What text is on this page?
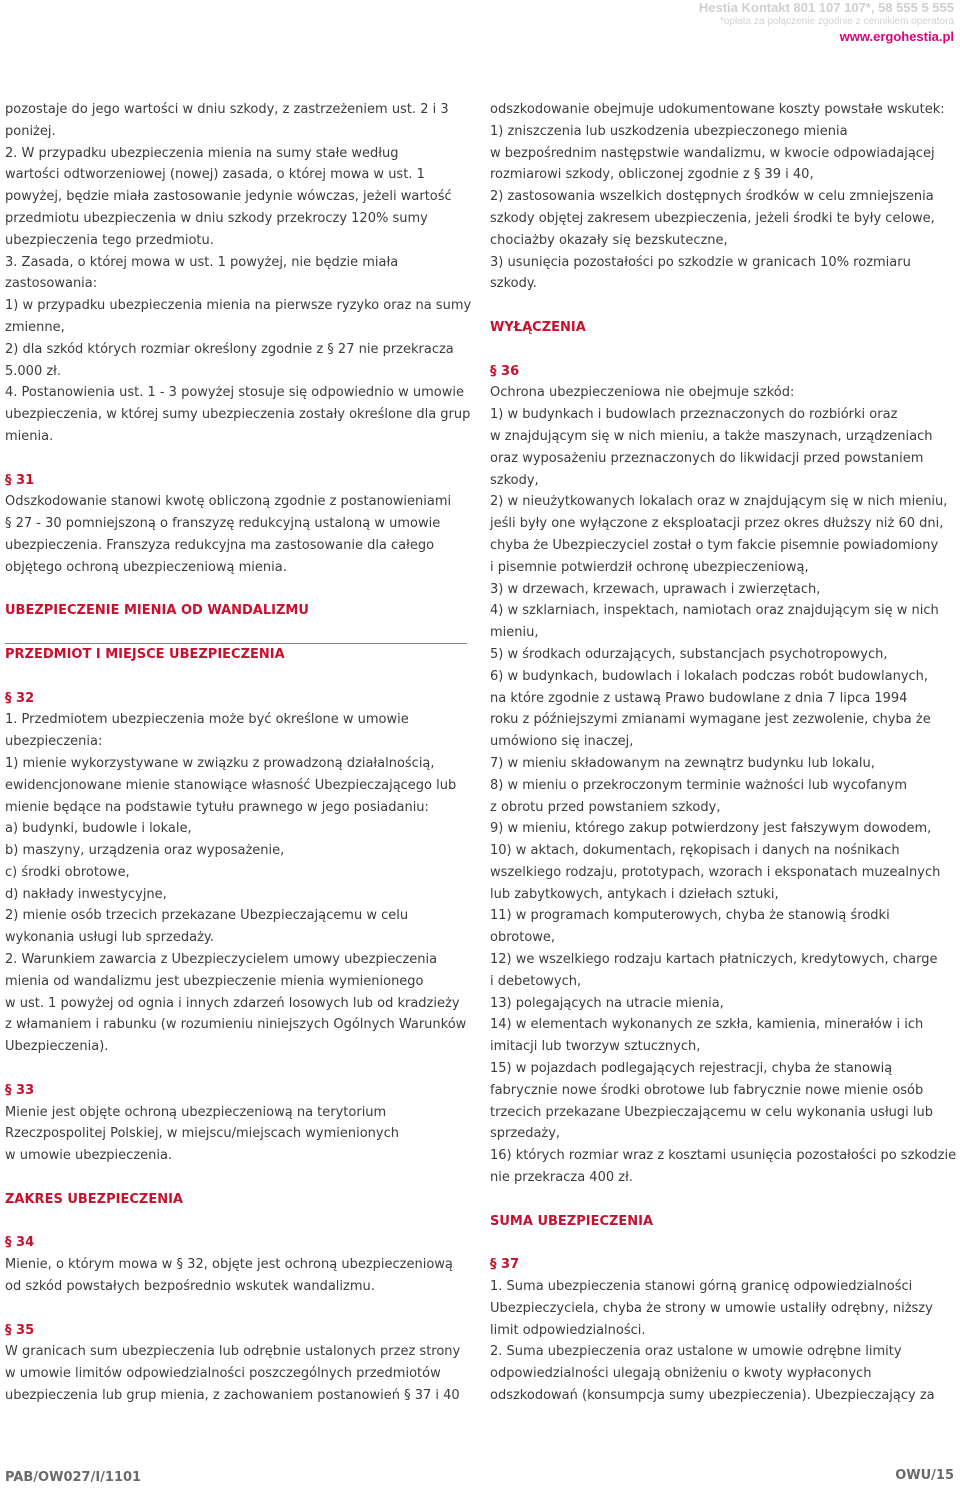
Hestia Kontakt 801 107 107*, 58 555 5 555
*opłata za połączenie zgodnie z cennikiem operatora
www.ergohestia.pl

pozostaje do jego wartości w dniu szkody, z zastrzeżeniem ust. 2 i 3

poniżej.

2. W przypadku ubezpieczenia mienia na sumy stałe według

wartości odtworzeniowej (nowej) zasada, o której mowa w ust. 1

powyżej, będzie miała zastosowanie jedynie wówczas, jeżeli wartość

przedmiotu ubezpieczenia w dniu szkody przekroczy 120% sumy

ubezpieczenia tego przedmiotu.

3. Zasada, o której mowa w ust. 1 powyżej, nie będzie miała

zastosowania:

1) w przypadku ubezpieczenia mienia na pierwsze ryzyko oraz na sumy

zmienne,

2) dla szkód których rozmiar określony zgodnie z § 27 nie przekracza

5.000 zł.

4. Postanowienia ust. 1 - 3 powyżej stosuje się odpowiednio w umowie

ubezpieczenia, w której sumy ubezpieczenia zostały określone dla grup

mienia.

§ 31

Odszkodowanie stanowi kwotę obliczoną zgodnie z postanowieniami

§ 27 - 30 pomniejszoną o franszyzę redukcyjną ustaloną w umowie

ubezpieczenia. Franszyza redukcyjna ma zastosowanie dla całego

objętego ochroną ubezpieczeniową mienia.

UBEZPIECZENIE MIENIA OD WANDALIZMU

PRZEDMIOT I MIEJSCE UBEZPIECZENIA

§ 32

1. Przedmiotem ubezpieczenia może być określone w umowie

ubezpieczenia:

1) mienie wykorzystywane w związku z prowadzoną działalnością,

ewidencjonowane mienie stanowiące własność Ubezpieczającego lub

mienie będące na podstawie tytułu prawnego w jego posiadaniu:

a) budynki, budowle i lokale,

b) maszyny, urządzenia oraz wyposażenie,

c) środki obrotowe,

d) nakłady inwestycyjne,

2) mienie osób trzecich przekazane Ubezpieczającemu w celu

wykonania usługi lub sprzedaży.

2. Warunkiem zawarcia z Ubezpieczycielem umowy ubezpieczenia

mienia od wandalizmu jest ubezpieczenie mienia wymienionego

w ust. 1 powyżej od ognia i innych zdarzeń losowych lub od kradzieży

z włamaniem i rabunku (w rozumieniu niniejszych Ogólnych Warunków

Ubezpieczenia).

§ 33

Mienie jest objęte ochroną ubezpieczeniową na terytorium

Rzeczpospolitej Polskiej, w miejscu/miejscach wymienionych

w umowie ubezpieczenia.

ZAKRES UBEZPIECZENIA

§ 34

Mienie, o którym mowa w § 32, objęte jest ochroną ubezpieczeniową

od szkód powstałych bezpośrednio wskutek wandalizmu.

§ 35

W granicach sum ubezpieczenia lub odrębnie ustalonych przez strony

w umowie limitów odpowiedzialności poszczególnych przedmiotów

ubezpieczenia lub grup mienia, z zachowaniem postanowień § 37 i 40

odszkodowanie obejmuje udokumentowane koszty powstałe wskutek:

1) zniszczenia lub uszkodzenia ubezpieczonego mienia

w bezpośrednim następstwie wandalizmu, w kwocie odpowiadającej

rozmiarowi szkody, obliczonej zgodnie z § 39 i 40,

2) zastosowania wszelkich dostępnych środków w celu zmniejszenia

szkody objętej zakresem ubezpieczenia, jeżeli środki te były celowe,

chociażby okazały się bezskuteczne,

3) usunięcia pozostałości po szkodzie w granicach 10% rozmiaru

szkody.

WYŁĄCZENIA

§ 36

Ochrona ubezpieczeniowa nie obejmuje szkód:

1) w budynkach i budowlach przeznaczonych do rozbiórki oraz

w znajdującym się w nich mieniu, a także maszynach, urządzeniach

oraz wyposażeniu przeznaczonych do likwidacji przed powstaniem

szkody,

2) w nieużytkowanych lokalach oraz w znajdującym się w nich mieniu,

jeśli były one wyłączone z eksploatacji przez okres dłuższy niż 60 dni,

chyba że Ubezpieczyciel został o tym fakcie pisemnie powiadomiony

i pisemnie potwierdził ochronę ubezpieczeniową,

3) w drzewach, krzewach, uprawach i zwierzętach,

4) w szklarniach, inspektach, namiotach oraz znajdującym się w nich

mieniu,

5) w środkach odurzających, substancjach psychotropowych,

6) w budynkach, budowlach i lokalach podczas robót budowlanych,

na które zgodnie z ustawą Prawo budowlane z dnia 7 lipca 1994

roku z późniejszymi zmianami wymagane jest zezwolenie, chyba że

umówiono się inaczej,

7) w mieniu składowanym na zewnątrz budynku lub lokalu,

8) w mieniu o przekroczonym terminie ważności lub wycofanym

z obrotu przed powstaniem szkody,

9) w mieniu, którego zakup potwierdzony jest fałszywym dowodem,

10) w aktach, dokumentach, rękopisach i danych na nośnikach

wszelkiego rodzaju, prototypach, wzorach i eksponatach muzealnych

lub zabytkowych, antykach i dziełach sztuki,

11) w programach komputerowych, chyba że stanowią środki

obrotowe,

12) we wszelkiego rodzaju kartach płatniczych, kredytowych, charge

i debetowych,

13) polegających na utracie mienia,

14) w elementach wykonanych ze szkła, kamienia, minerałów i ich

imitacji lub tworzyw sztucznych,

15) w pojazdach podlegających rejestracji, chyba że stanowią

fabrycznie nowe środki obrotowe lub fabrycznie nowe mienie osób

trzecich przekazane Ubezpieczającemu w celu wykonania usługi lub

sprzedaży,

16) których rozmiar wraz z kosztami usunięcia pozostałości po szkodzie

nie przekracza 400 zł.

SUMA UBEZPIECZENIA

§ 37

1. Suma ubezpieczenia stanowi górną granicę odpowiedzialności

Ubezpieczyciela, chyba że strony w umowie ustaliły odrębny, niższy

limit odpowiedzialności.

2. Suma ubezpieczenia oraz ustalone w umowie odrębne limity

odpowiedzialności ulegają obniżeniu o kwoty wypłaconych

odszkodowań (konsumpcja sumy ubezpieczenia). Ubezpieczający za

PAB/OW027/I/1101	OWU/15
